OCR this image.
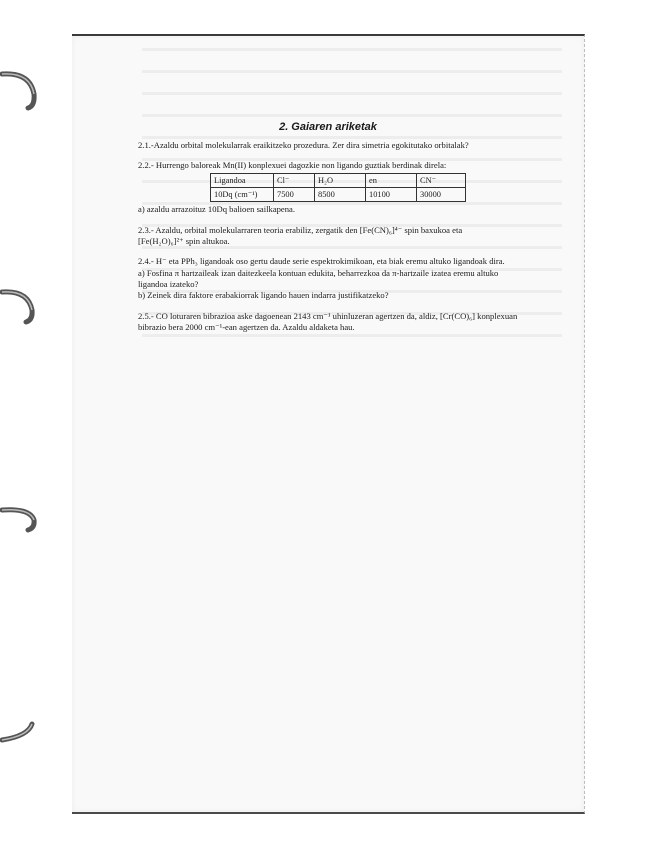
2. Gaiaren ariketak

2.1.-Azaldu orbital molekularrak eraikitzeko prozedura. Zer dira simetria egokitutako orbitalak?

2.2.- Hurrengo baloreak Mn(II) konplexuei dagozkie non ligando guztiak berdinak direla:

Ligandoa	Cl⁻	H₂O	en	CN⁻
10Dq (cm⁻¹)	7500	8500	10100	30000

a) azaldu arrazoituz 10Dq balioen sailkapena.

2.3.- Azaldu, orbital molekularraren teoria erabiliz, zergatik den [Fe(CN)₆]⁴⁻ spin baxukoa eta

[Fe(H₂O)₆]²⁺ spin altukoa.

2.4.- H⁻ eta PPh₃ ligandoak oso gertu daude serie espektrokimikoan, eta biak eremu altuko ligandoak dira.

a) Fosfina π hartzaileak izan daitezkeela kontuan edukita, beharrezkoa da π-hartzaile izatea eremu altuko ligandoa izateko?

b) Zeinek dira faktore erabakiorrak ligando hauen indarra justifikatzeko?

2.5.- CO loturaren bibrazioa aske dagoenean 2143 cm⁻¹ uhinluzeran agertzen da, aldiz, [Cr(CO)₆] konplexuan bibrazio bera 2000 cm⁻¹-ean agertzen da. Azaldu aldaketa hau.
